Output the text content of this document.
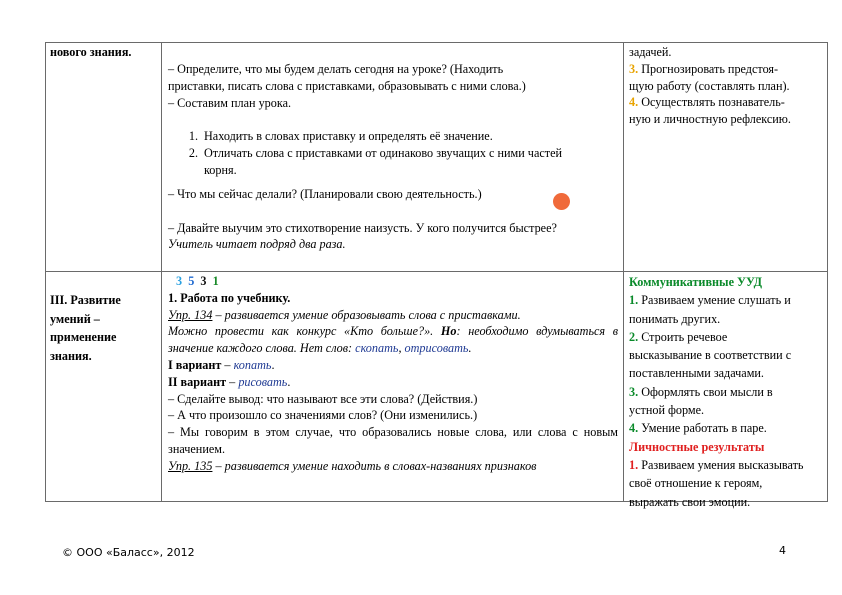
нового знания.

– Определите, что мы будем делать сегодня на уроке? (Находить

приставки, писать слова с приставками, образовывать с ними слова.)

– Составим план урока.

1. Находить в словах приставку и определять её значение.
2. Отличать слова с приставками от одинаково звучащих с ними частей
корня.

– Что мы сейчас делали? (Планировали свою деятельность.)

– Давайте выучим это стихотворение наизусть. У кого получится быстрее?

Учитель читает подряд два раза.

задачей.

3. Прогнозировать предстоя-

щую работу (составлять план).

4. Осуществлять познаватель-

ную и личностную рефлексию.

III. Развитие

умений –

применение

знания.

3 5 3 1

1. Работа по учебнику.

Упр. 134 – развивается умение образовывать слова с приставками.

Можно провести как конкурс «Кто больше?». Но: необходимо вдумываться в значение каждого слова. Нет слов: скопать, отрисовать.

I вариант – копать.

II вариант – рисовать.

– Сделайте вывод: что называют все эти слова? (Действия.)

– А что произошло со значениями слов? (Они изменились.)

– Мы говорим в этом случае, что образовались новые слова, или слова с новым значением.

Упр. 135 – развивается умение находить в словах-названиях признаков

Коммуникативные УУД

1. Развиваем умение слушать и

понимать других.

2. Строить речевое

высказывание в соответствии с

поставленными задачами.

3. Оформлять свои мысли в

устной форме.

4. Умение работать в паре.

Личностные результаты

1. Развиваем умения высказывать

своё отношение к героям,

выражать свои эмоции.

© ООО «Баласс», 2012	4
